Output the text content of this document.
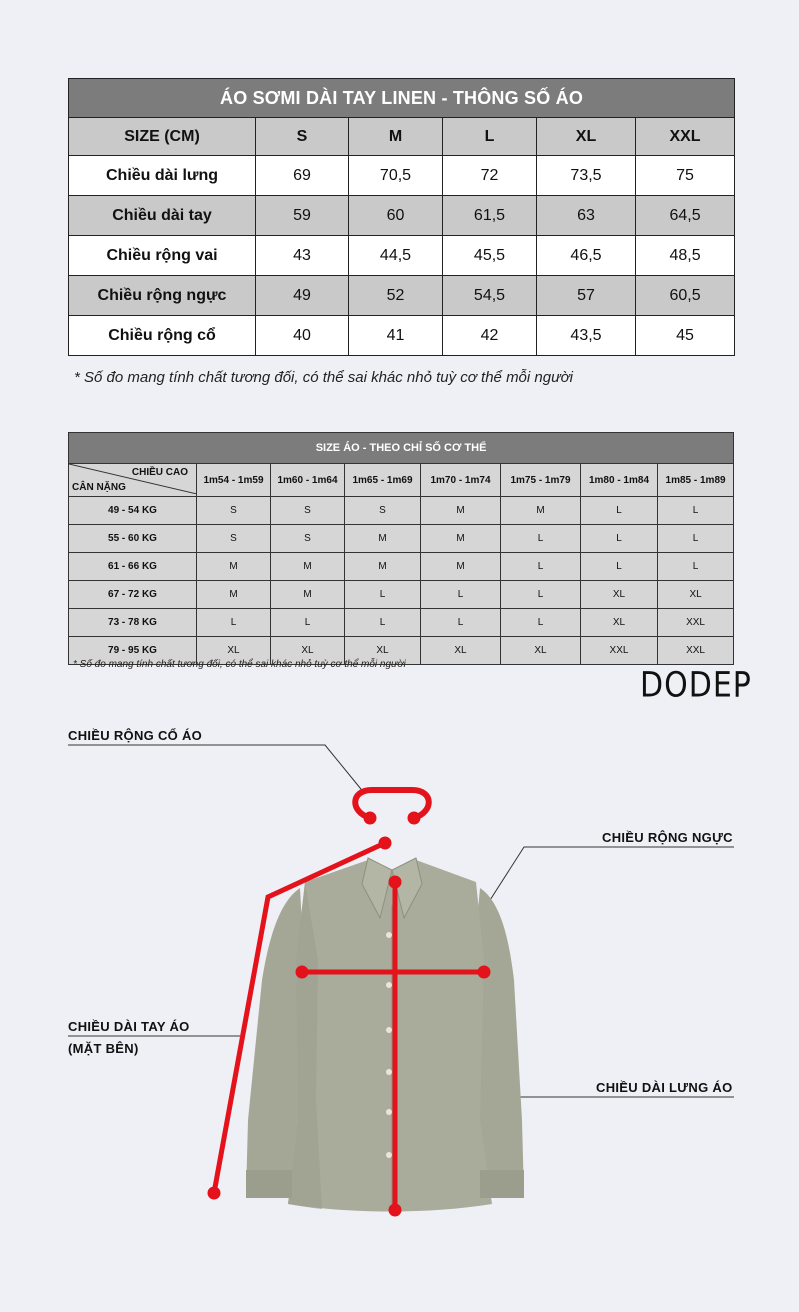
ÁO SƠMI DÀI TAY LINEN - THÔNG SỐ ÁO					
SIZE (CM)	S	M	L	XL	XXL
Chiều dài lưng	69	70,5	72	73,5	75
Chiều dài tay	59	60	61,5	63	64,5
Chiều rộng vai	43	44,5	45,5	46,5	48,5
Chiều rộng ngực	49	52	54,5	57	60,5
Chiều rộng cổ	40	41	42	43,5	45
* Số đo mang tính chất tương đối, có thể sai khác nhỏ tuỳ cơ thể mỗi người
SIZE ÁO - THEO CHỈ SỐ CƠ THỂ							

CHIỀU CAO
CÂN NẶNG	1m54 - 1m59	1m60 - 1m64	1m65 - 1m69	1m70 - 1m74	1m75 - 1m79	1m80 - 1m84	1m85 - 1m89
49 - 54 KG	S	S	S	M	M	L	L
55 - 60 KG	S	S	M	M	L	L	L
61 - 66 KG	M	M	M	M	L	L	L
67 - 72 KG	M	M	L	L	L	XL	XL
73 - 78 KG	L	L	L	L	L	XL	XXL
79 - 95 KG	XL	XL	XL	XL	XL	XXL	XXL
* Số đo mang tính chất tương đối, có thể sai khác nhỏ tuỳ cơ thể mỗi người
DODEP
CHIỀU RỘNG CỔ ÁO
CHIỀU RỘNG NGỰC
CHIỀU DÀI TAY ÁO
(MẶT BÊN)
CHIỀU DÀI LƯNG ÁO
